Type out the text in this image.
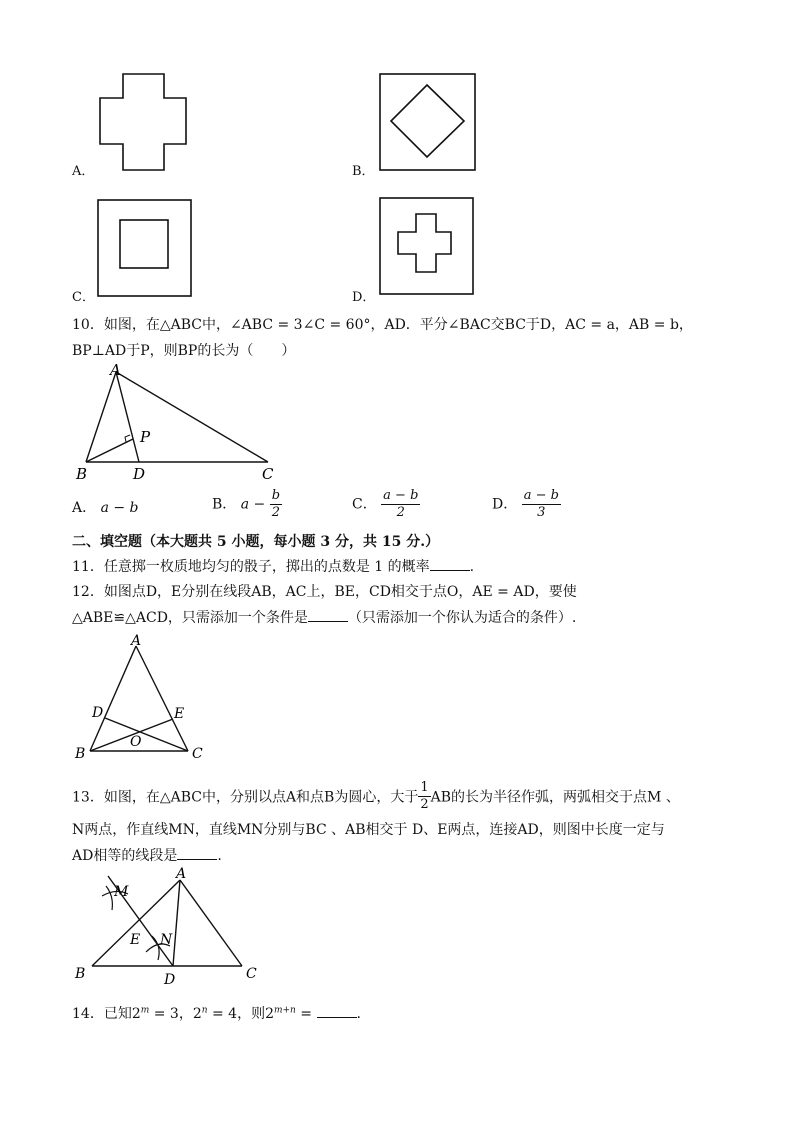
A．	B．
C．	D．
10．如图，在△ABC中，∠ABC = 3∠C = 60°，AD．平分∠BAC交BC于D，AC = a，AB = b，
BP⊥AD于P，则BP的长为（　　）
A
B	D	C
P
A． a − b	B． $a - \frac{b}{2}$	C． $\frac{a - b}{2}$	D． $\frac{a - b}{3}$
二、填空题（本大题共 5 小题，每小题 3 分，共 15 分.）
11．任意掷一枚质地均匀的骰子，掷出的点数是 1 的概率	.
12．如图点D，E分别在线段AB，AC上，BE，CD相交于点O，AE = AD，要使
△ABE≌△ACD，只需添加一个条件是	（只需添加一个你认为适合的条件）.
A
D	E
O
B	C
13．如图，在△ABC中，分别以点A和点B为圆心，大于 $\frac{1}{2}$ AB的长为半径作弧，两弧相交于点M 、
N两点，作直线MN，直线MN分别与BC 、AB相交于 D、E两点，连接AD，则图中长度一定与
AD相等的线段是	.
A
M
E N
B	D	C
14．已知$2^m = 3$，$2^n = 4$，则$2^{m+n}$ =	.
